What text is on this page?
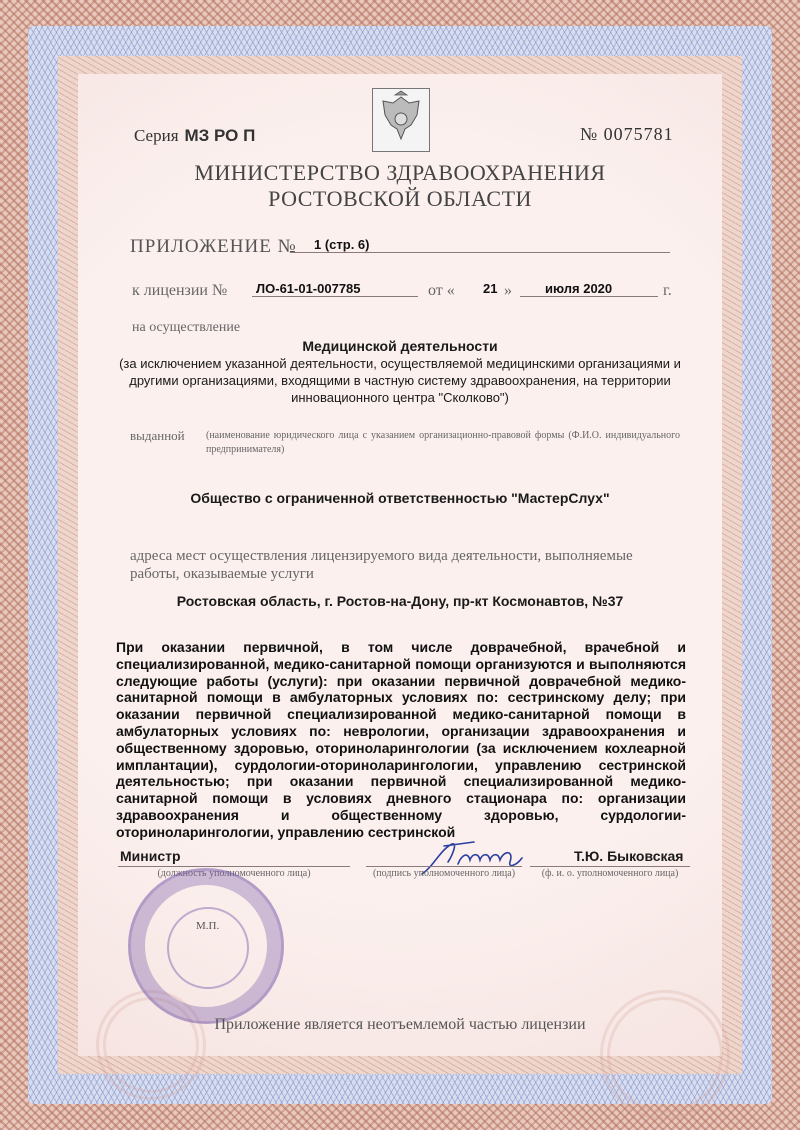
Серия МЗ РО П	№ 0075781
МИНИСТЕРСТВО ЗДРАВООХРАНЕНИЯ
РОСТОВСКОЙ ОБЛАСТИ
ПРИЛОЖЕНИЕ № 1 (стр. 6)
к лицензии № ЛО-61-01-007785	от « 21 »	июля 2020	г.
на осуществление
Медицинской деятельности
(за исключением указанной деятельности, осуществляемой медицинскими организациями и другими организациями, входящими в частную систему здравоохранения, на территории инновационного центра "Сколково")
выданной (наименование юридического лица с указанием организационно-правовой формы (Ф.И.О. индивидуального предпринимателя)
Общество с ограниченной ответственностью "МастерСлух"
адреса мест осуществления лицензируемого вида деятельности, выполняемые работы, оказываемые услуги
Ростовская область, г. Ростов-на-Дону, пр-кт Космонавтов, №37
При оказании первичной, в том числе доврачебной, врачебной и специализированной, медико-санитарной помощи организуются и выполняются следующие работы (услуги): при оказании первичной доврачебной медико-санитарной помощи в амбулаторных условиях по: сестринскому делу; при оказании первичной специализированной медико-санитарной помощи в амбулаторных условиях по: неврологии, организации здравоохранения и общественному здоровью, оториноларингологии (за исключением кохлеарной имплантации), сурдологии-оториноларингологии, управлению сестринской деятельностью; при оказании первичной специализированной медико-санитарной помощи в условиях дневного стационара по: организации здравоохранения и общественному здоровью, сурдологии-оториноларингологии, управлению сестринской
Министр
(должность уполномоченного лица)	(подпись уполномоченного лица)
Т.Ю. Быковская
(ф. и. о. уполномоченного лица)
М.П.
Приложение является неотъемлемой частью лицензии
